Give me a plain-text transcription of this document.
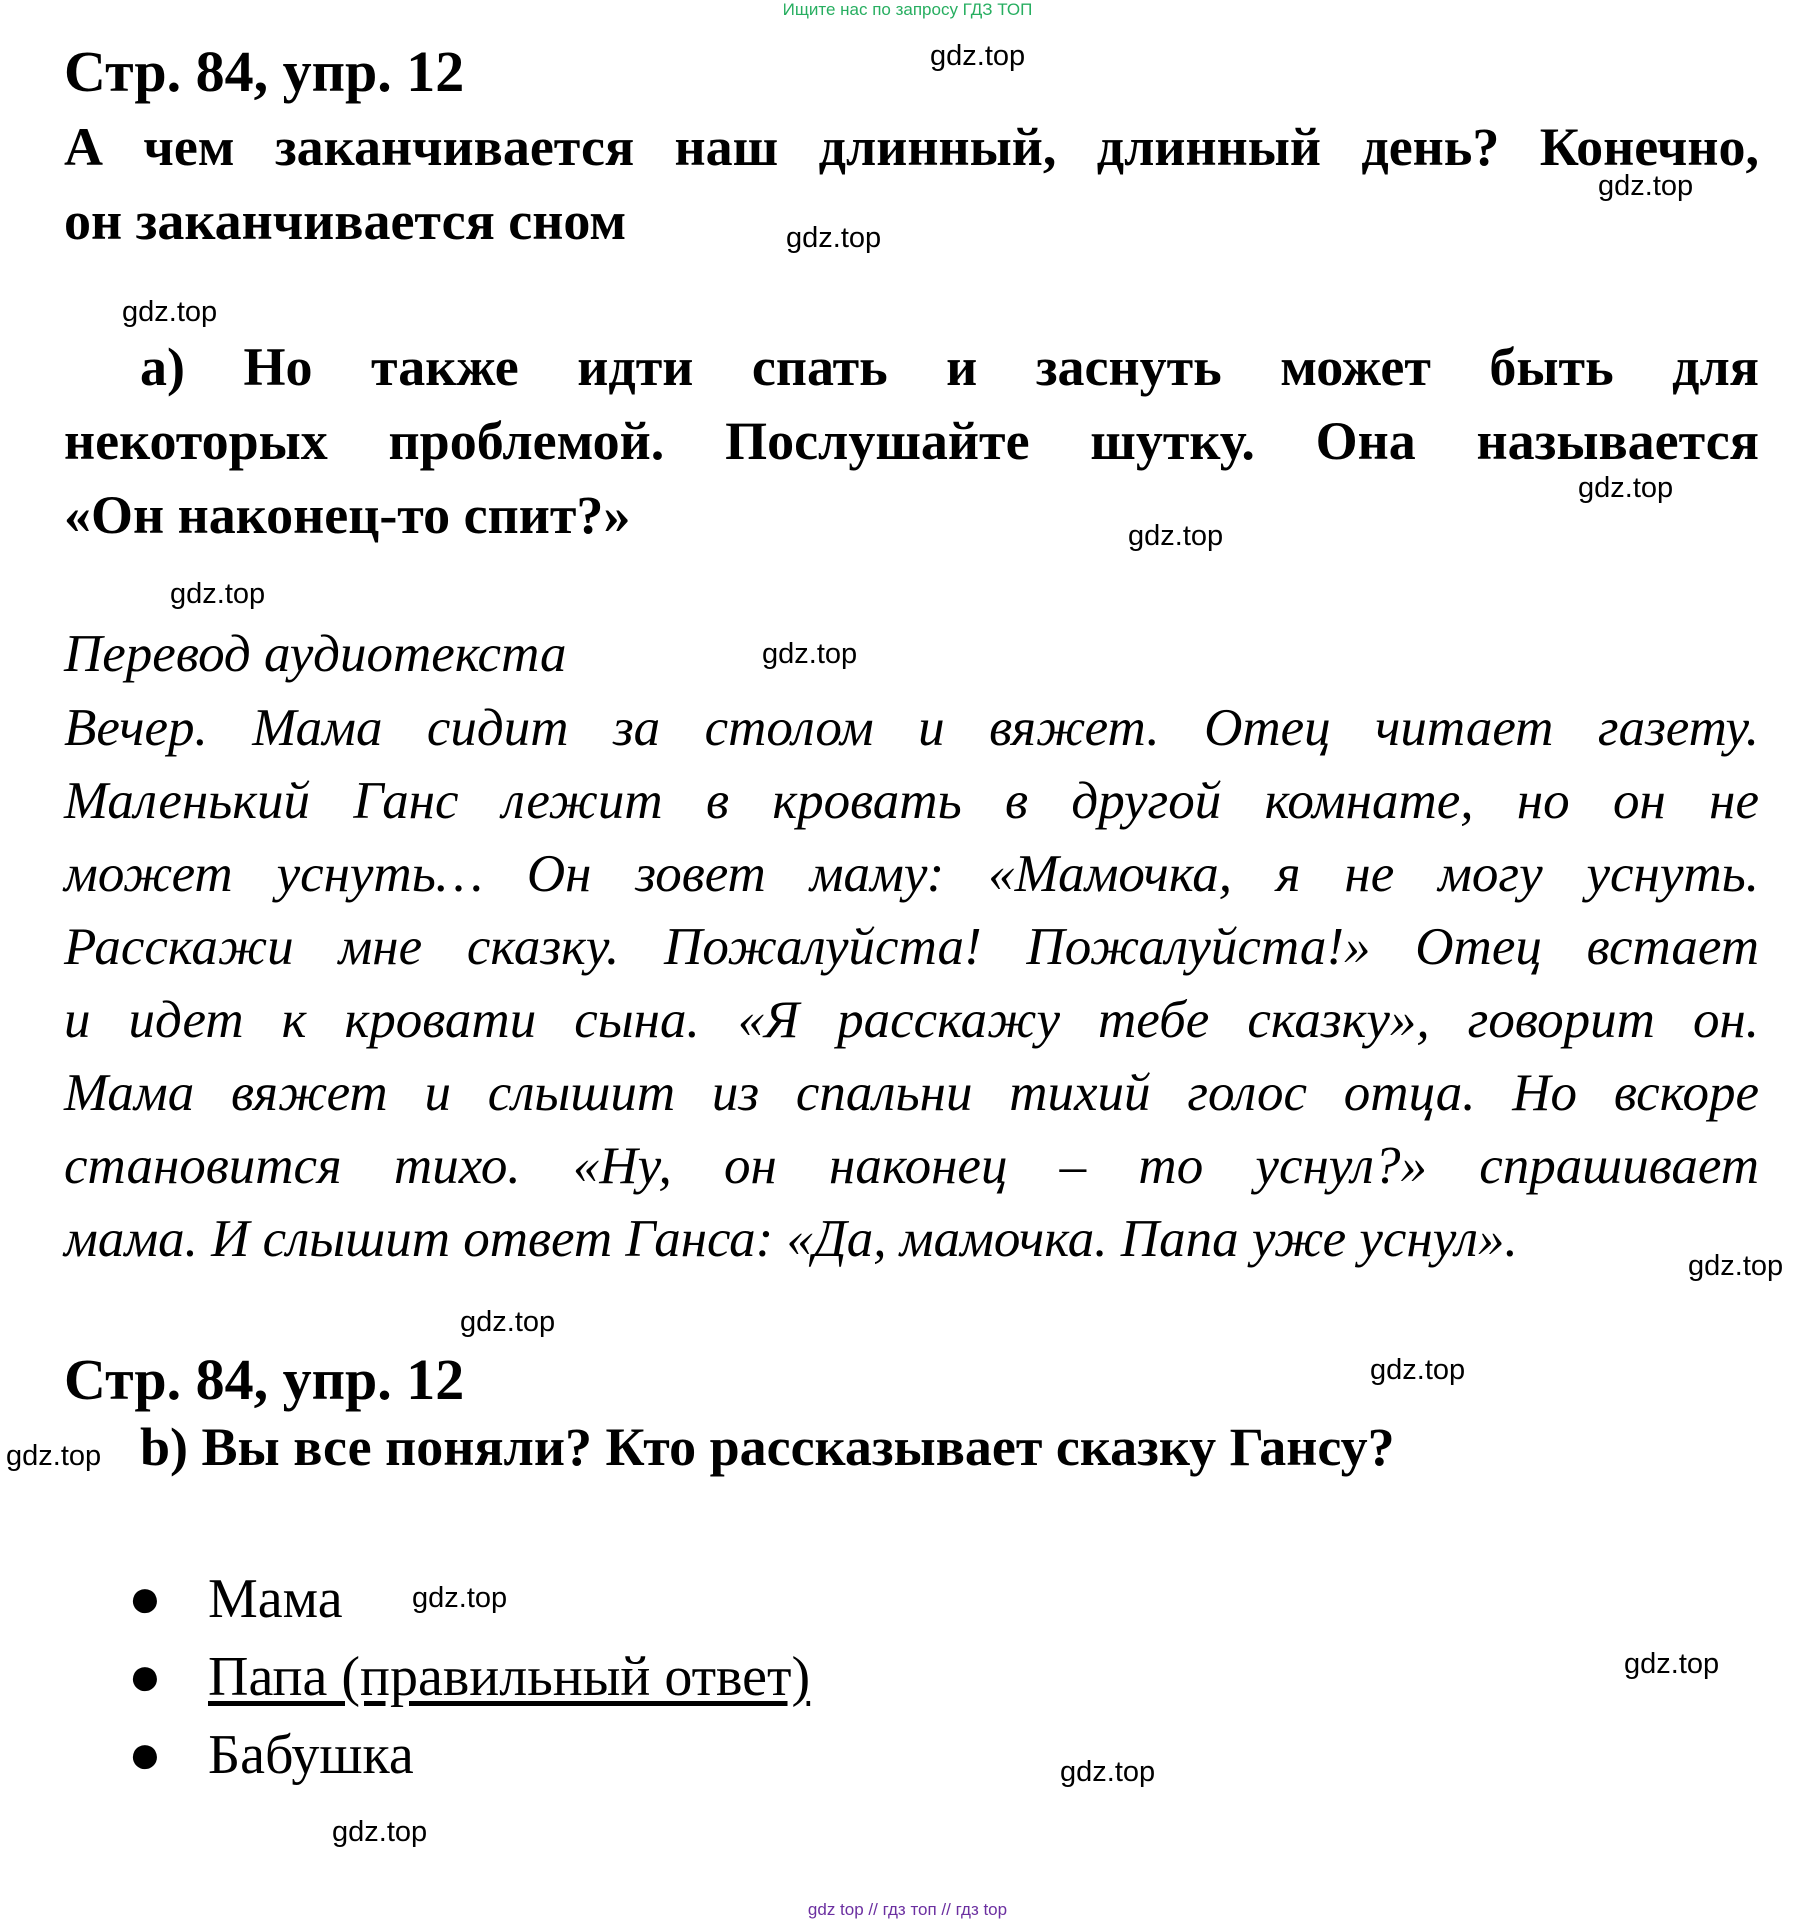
Ищите нас по запросу ГДЗ ТОП
Стр. 84, упр. 12
А чем заканчивается наш длинный, длинный день? Конечно,
он заканчивается сном
а) Но также идти спать и заснуть может быть для
некоторых проблемой. Послушайте шутку. Она называется
«Он наконец-то спит?»
Перевод аудиотекста
Вечер. Мама сидит за столом и вяжет. Отец читает газету.
Маленький Ганс лежит в кровать в другой комнате, но он не
может уснуть… Он зовет маму: «Мамочка, я не могу уснуть.
Расскажи мне сказку. Пожалуйста! Пожалуйста!» Отец встает
и идет к кровати сына. «Я расскажу тебе сказку», говорит он.
Мама вяжет и слышит из спальни тихий голос отца. Но вскоре
становится тихо. «Ну, он наконец – то уснул?» спрашивает
мама. И слышит ответ Ганса: «Да, мамочка. Папа уже уснул».
Стр. 84, упр. 12
b) Вы все поняли? Кто рассказывает сказку Гансу?
● Мама
● Папа (правильный ответ)
● Бабушка
gdz.top
gdz.top
gdz.top
gdz.top
gdz.top
gdz.top
gdz.top
gdz.top
gdz.top
gdz.top
gdz.top
gdz.top
gdz.top
gdz.top
gdz.top
gdz.top
gdz top // гдз топ // гдз top
